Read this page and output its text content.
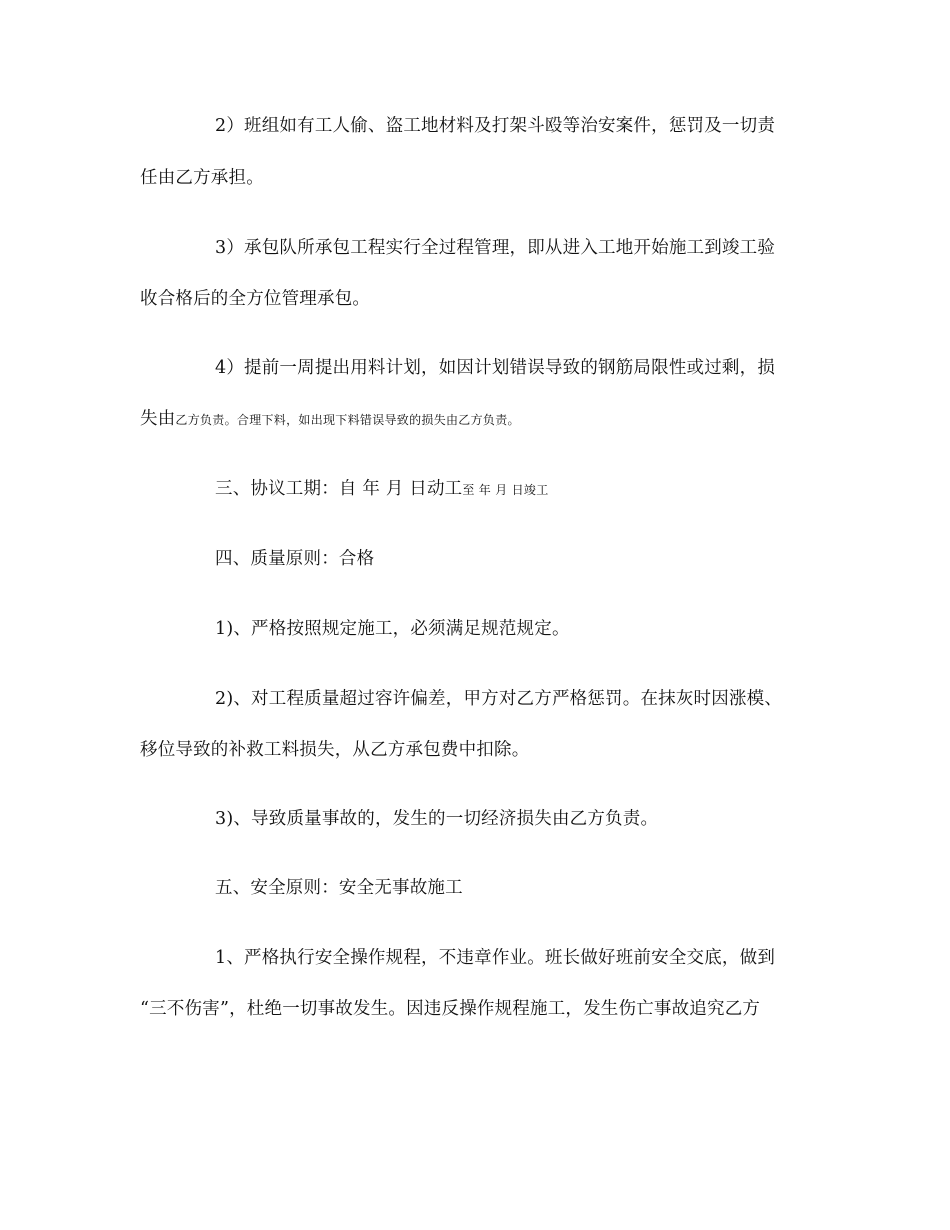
2）班组如有工人偷、盗工地材料及打架斗殴等治安案件，惩罚及一切责
任由乙方承担。
3）承包队所承包工程实行全过程管理，即从进入工地开始施工到竣工验
收合格后的全方位管理承包。
4）提前一周提出用料计划，如因计划错误导致的钢筋局限性或过剩，损
失由乙方负责。合理下料，如出现下料错误导致的损失由乙方负责。
三、协议工期：自 年 月 日动工至 年 月 日竣工
四、质量原则：合格
1)、严格按照规定施工，必须满足规范规定。
2)、对工程质量超过容许偏差，甲方对乙方严格惩罚。在抹灰时因涨模、
移位导致的补救工料损失，从乙方承包费中扣除。
3)、导致质量事故的，发生的一切经济损失由乙方负责。
五、安全原则：安全无事故施工
1、严格执行安全操作规程，不违章作业。班长做好班前安全交底，做到
“三不伤害”，杜绝一切事故发生。因违反操作规程施工，发生伤亡事故追究乙方
